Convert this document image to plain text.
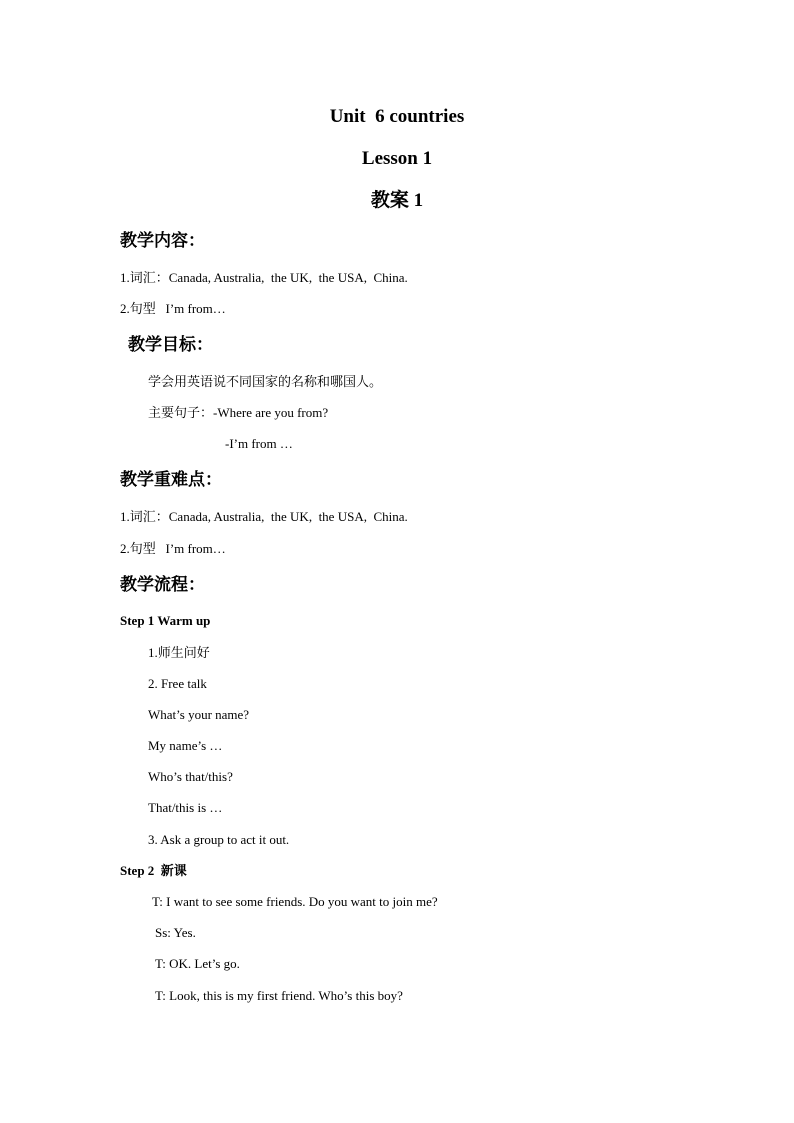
Unit  6 countries
Lesson 1
教案 1
教学内容：
1.词汇：Canada, Australia,  the UK,  the USA,  China.
2.句型   I’m from…
教学目标：
学会用英语说不同国家的名称和哪国人。
主要句子：-Where are you from?
-I’m from …
教学重难点：
1.词汇：Canada, Australia,  the UK,  the USA,  China.
2.句型   I’m from…
教学流程：
Step 1 Warm up
1.师生问好
2. Free talk
What’s your name?
My name’s …
Who’s that/this?
That/this is …
3. Ask a group to act it out.
Step 2  新课
T: I want to see some friends. Do you want to join me?
Ss: Yes.
T: OK. Let’s go.
T: Look, this is my first friend. Who’s this boy?
